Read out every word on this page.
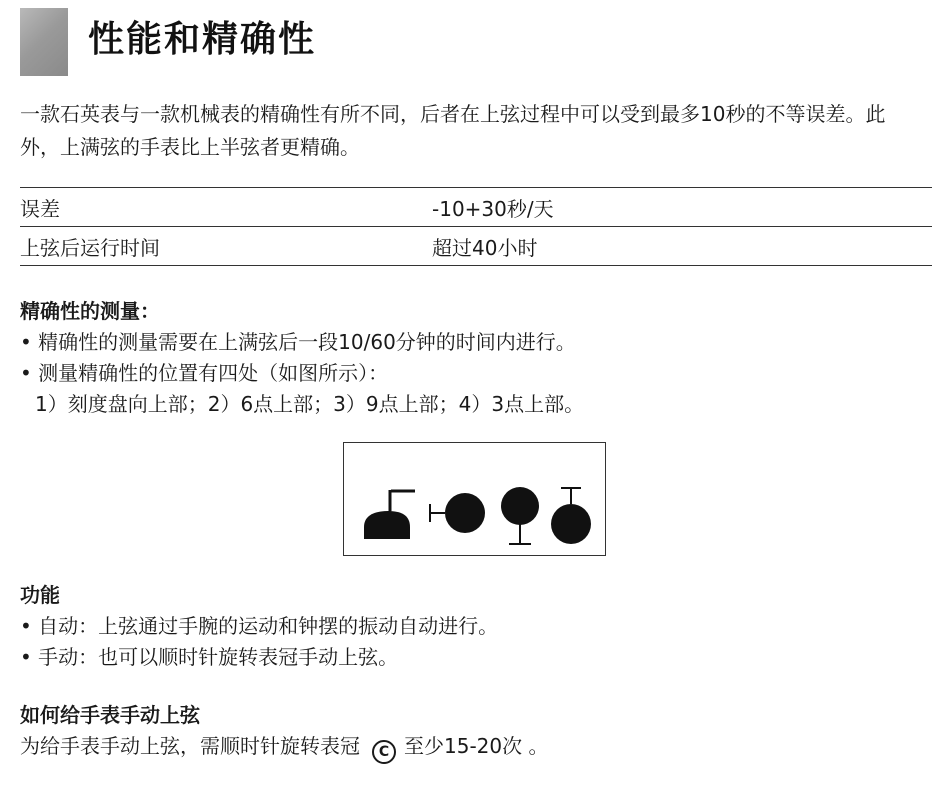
性能和精确性
一款石英表与一款机械表的精确性有所不同，后者在上弦过程中可以受到最多10秒的不等误差。此外，上满弦的手表比上半弦者更精确。
误差	-10+30秒/天
上弦后运行时间	超过40小时
精确性的测量：
• 精确性的测量需要在上满弦后一段10/60分钟的时间内进行。
• 测量精确性的位置有四处（如图所示）：
1）刻度盘向上部；2）6点上部；3）9点上部；4）3点上部。
功能
• 自动：上弦通过手腕的运动和钟摆的振动自动进行。
• 手动：也可以顺时针旋转表冠手动上弦。
如何给手表手动上弦
为给手表手动上弦，需顺时针旋转表冠 C 至少15-20次 。
